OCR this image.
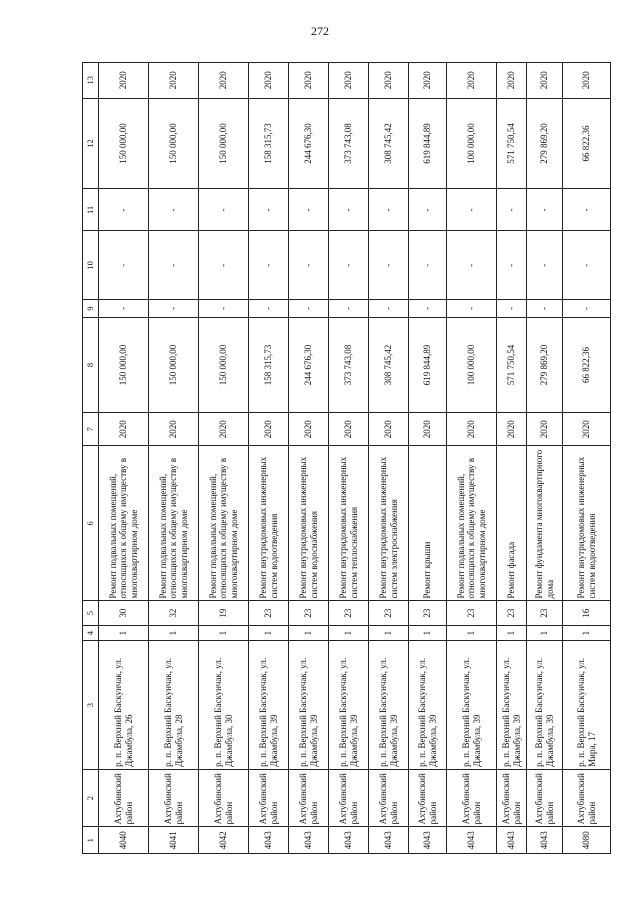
272
1	2	3	4	5	6	7	8	9	10	11	12	13
4040	Ахтубинский район	р. п. Верхний Баскунчак, ул. Джамбула, 26	1	30	Ремонт подвальных помещений, относящихся к общему имуществу в многоквартирном доме	2020	150 000,00	-	-	-	150 000,00	2020
4041	Ахтубинский район	р. п. Верхний Баскунчак, ул. Джамбула, 28	1	32	Ремонт подвальных помещений, относящихся к общему имуществу в многоквартирном доме	2020	150 000,00	-	-	-	150 000,00	2020
4042	Ахтубинский район	р. п. Верхний Баскунчак, ул. Джамбула, 30	1	19	Ремонт подвальных помещений, относящихся к общему имуществу в многоквартирном доме	2020	150 000,00	-	-	-	150 000,00	2020
4043	Ахтубинский район	р. п. Верхний Баскунчак, ул. Джамбула, 39	1	23	Ремонт внутридомовых инженерных систем водоотведения	2020	158 315,73	-	-	-	158 315,73	2020
4043	Ахтубинский район	р. п. Верхний Баскунчак, ул. Джамбула, 39	1	23	Ремонт внутридомовых инженерных систем водоснабжения	2020	244 676,30	-	-	-	244 676,30	2020
4043	Ахтубинский район	р. п. Верхний Баскунчак, ул. Джамбула, 39	1	23	Ремонт внутридомовых инженерных систем теплоснабжения	2020	373 743,08	-	-	-	373 743,08	2020
4043	Ахтубинский район	р. п. Верхний Баскунчак, ул. Джамбула, 39	1	23	Ремонт внутридомовых инженерных систем электроснабжения	2020	308 745,42	-	-	-	308 745,42	2020
4043	Ахтубинский район	р. п. Верхний Баскунчак, ул. Джамбула, 39	1	23	Ремонт крыши	2020	619 844,89	-	-	-	619 844,89	2020
4043	Ахтубинский район	р. п. Верхний Баскунчак, ул. Джамбула, 39	1	23	Ремонт подвальных помещений, относящихся к общему имуществу в многоквартирном доме	2020	100 000,00	-	-	-	100 000,00	2020
4043	Ахтубинский район	р. п. Верхний Баскунчак, ул. Джамбула, 39	1	23	Ремонт фасада	2020	571 750,54	-	-	-	571 750,54	2020
4043	Ахтубинский район	р. п. Верхний Баскунчак, ул. Джамбула, 39	1	23	Ремонт фундамента многоквартирного дома	2020	279 869,20	-	-	-	279 869,20	2020
4080	Ахтубинский район	р. п. Верхний Баскунчак, ул. Мира, 17	1	16	Ремонт внутридомовых инженерных систем водоотведения	2020	66 822,36	-	-	-	66 822,36	2020
